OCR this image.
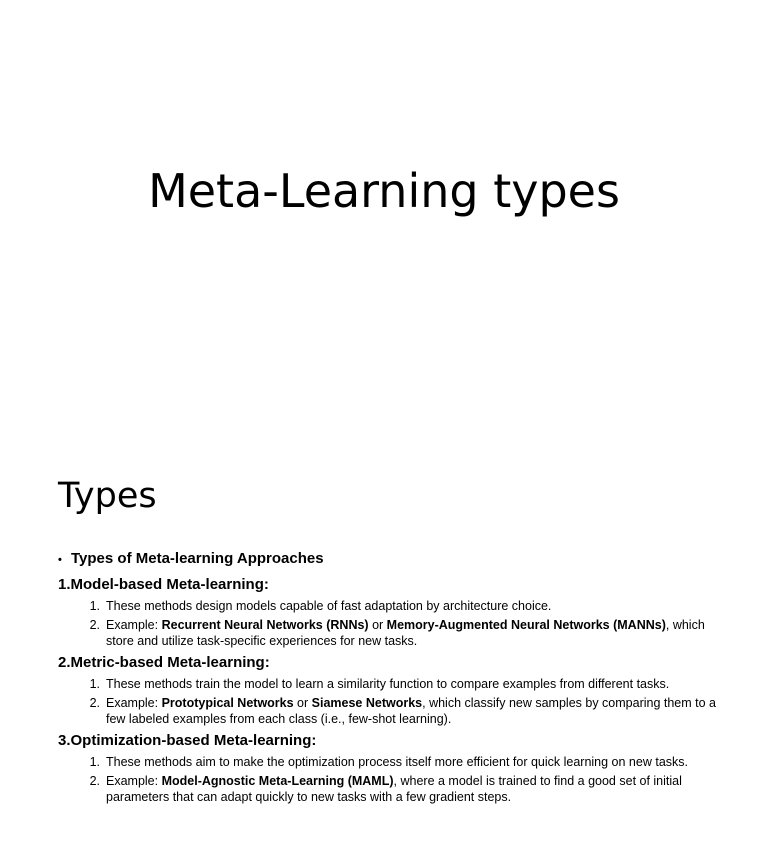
Meta-Learning types
Types
• Types of Meta-learning Approaches
1.Model-based Meta-learning:
1. These methods design models capable of fast adaptation by architecture choice.
2. Example: Recurrent Neural Networks (RNNs) or Memory-Augmented Neural Networks (MANNs), which store and utilize task-specific experiences for new tasks.
2.Metric-based Meta-learning:
1. These methods train the model to learn a similarity function to compare examples from different tasks.
2. Example: Prototypical Networks or Siamese Networks, which classify new samples by comparing them to a few labeled examples from each class (i.e., few-shot learning).
3.Optimization-based Meta-learning:
1. These methods aim to make the optimization process itself more efficient for quick learning on new tasks.
2. Example: Model-Agnostic Meta-Learning (MAML), where a model is trained to find a good set of initial parameters that can adapt quickly to new tasks with a few gradient steps.
